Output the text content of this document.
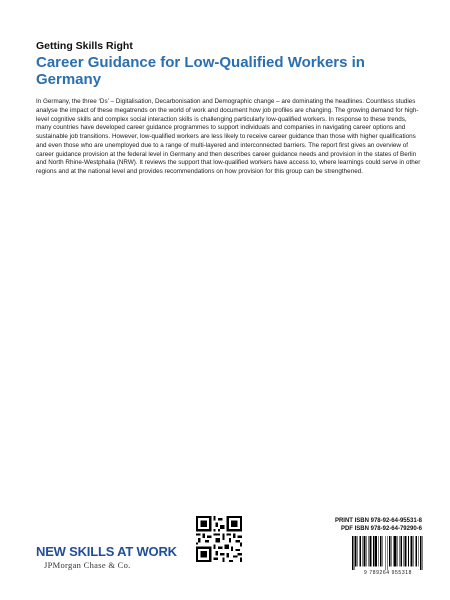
Getting Skills Right
Career Guidance for Low-Qualified Workers in Germany

In Germany, the three ‘Ds’ – Digitalisation, Decarbonisation and Demographic change – are dominating the headlines. Countless studies analyse the impact of these megatrends on the world of work and document how job profiles are changing. The growing demand for high-level cognitive skills and complex social interaction skills is challenging particularly low-qualified workers. In response to these trends, many countries have developed career guidance programmes to support individuals and companies in navigating career options and sustainable job transitions. However, low-qualified workers are less likely to receive career guidance than those with higher qualifications and even those who are unemployed due to a range of multi-layered and interconnected barriers. The report first gives an overview of career guidance provision at the federal level in Germany and then describes career guidance needs and provision in the states of Berlin and North Rhine-Westphalia (NRW). It reviews the support that low-qualified workers have access to, where learnings could serve in other regions and at the national level and provides recommendations on how provision for this group can be strengthened.

NEW SKILLS AT WORK
JPMorgan Chase & Co.
PRINT ISBN 978-92-64-95531-8
PDF ISBN 978-92-64-79290-6
9 789264 955318
